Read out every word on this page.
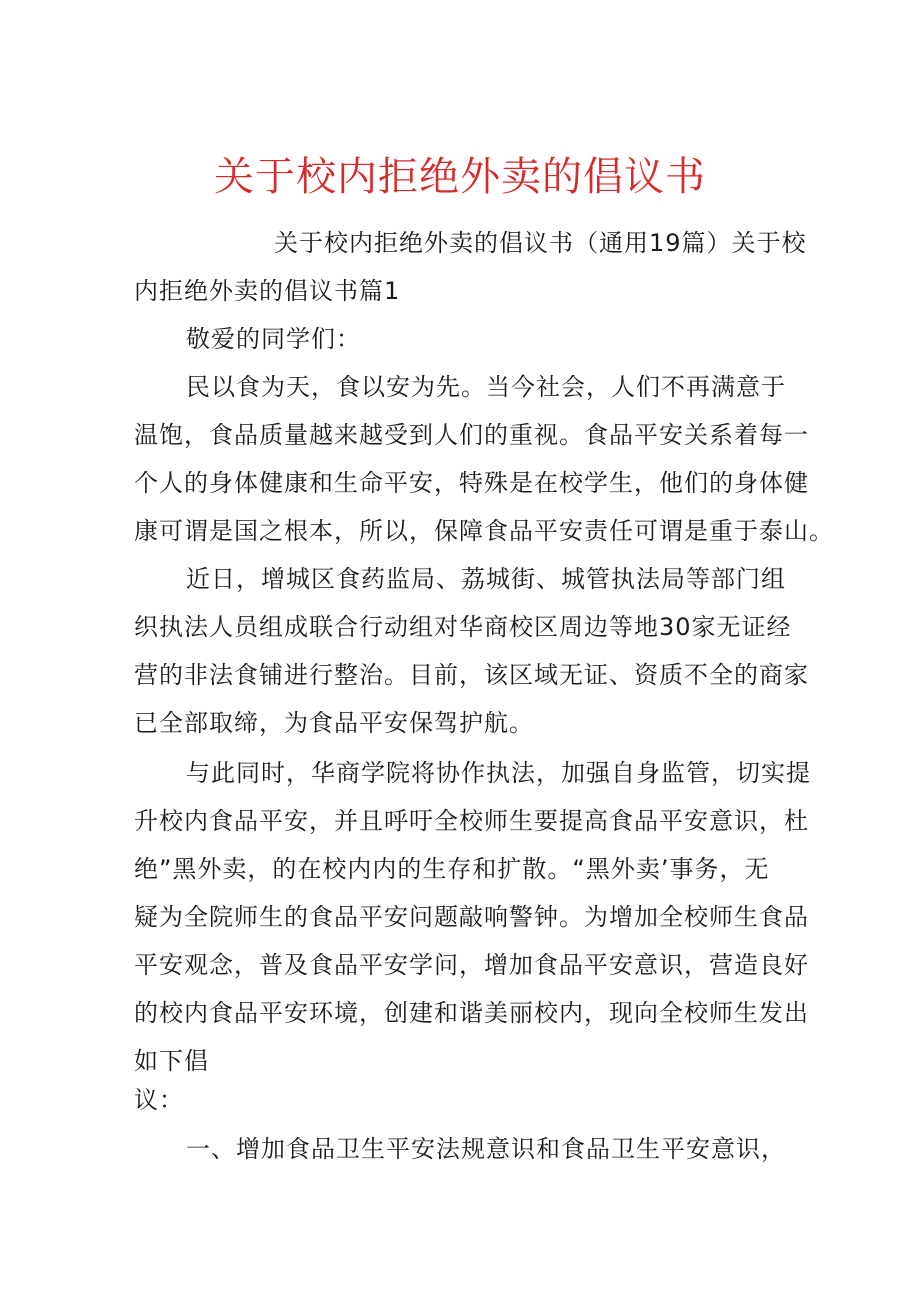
关于校内拒绝外卖的倡议书
关于校内拒绝外卖的倡议书（通用19篇）关于校
内拒绝外卖的倡议书篇1
敬爱的同学们：
民以食为天，食以安为先。当今社会，人们不再满意于
温饱，食品质量越来越受到人们的重视。食品平安关系着每一
个人的身体健康和生命平安，特殊是在校学生，他们的身体健
康可谓是国之根本，所以，保障食品平安责任可谓是重于泰山。
近日，增城区食药监局、荔城街、城管执法局等部门组
织执法人员组成联合行动组对华商校区周边等地30家无证经
营的非法食铺进行整治。目前，该区域无证、资质不全的商家
已全部取缔，为食品平安保驾护航。
与此同时，华商学院将协作执法，加强自身监管，切实提
升校内食品平安，并且呼吁全校师生要提高食品平安意识，杜
绝”黑外卖，的在校内内的生存和扩散。“黑外卖’事务，无
疑为全院师生的食品平安问题敲响警钟。为增加全校师生食品
平安观念，普及食品平安学问，增加食品平安意识，营造良好
的校内食品平安环境，创建和谐美丽校内，现向全校师生发出
如下倡
议：
一、增加食品卫生平安法规意识和食品卫生平安意识，
